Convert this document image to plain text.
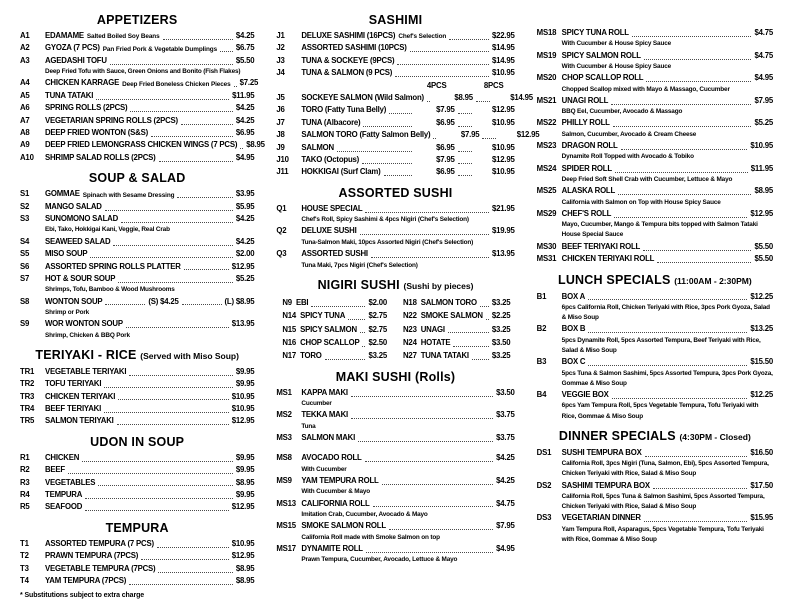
APPETIZERS
A1	EDAMAME Salted Boiled Soy Beans	$4.25
A2	GYOZA (7 PCS) Pan Fried Pork & Vegetable Dumplings $6.75
A3	AGEDASHI TOFU	$5.50
Deep Fried Tofu with Sauce, Green Onions and Bonito (Fish Flakes)
A4	CHICKEN KARRAGE Deep Fried Boneless Chicken Pieces $7.25
A5	TUNA TATAKI	$11.95
A6	SPRING ROLLS (2PCS)	$4.25
A7	VEGETARIAN SPRING ROLLS (2PCS)	$4.25
A8	DEEP FRIED WONTON (S&S)	$6.95
A9	DEEP FRIED LEMONGRASS CHICKEN WINGS (7 PCS) $8.95
A10	SHRIMP SALAD ROLLS (2PCS)	$4.95
SOUP & SALAD
S1	GOMMAE Spinach with Sesame Dressing	$3.95
S2	MANGO SALAD	$5.95
S3	SUNOMONO SALAD	$4.25
Ebi, Tako, Hokkigai Kani, Veggie, Real Crab
S4	SEAWEED SALAD	$4.25
S5	MISO SOUP	$2.00
S6	ASSORTED SPRING ROLLS PLATTER	$12.95
S7	HOT & SOUR SOUP	$5.25
Shrimps, Tofu, Bamboo & Wood Mushrooms
S8	WONTON SOUP	(S) $4.25	(L) $8.95
Shrimp or Pork
S9	WOR WONTON SOUP	$13.95
Shrimp, Chicken & BBQ Pork
TERIYAKI - RICE (Served with Miso Soup)
TR1	VEGETABLE TERIYAKI	$9.95
TR2	TOFU TERIYAKI	$9.95
TR3	CHICKEN TERIYAKI	$10.95
TR4	BEEF TERIYAKI	$10.95
TR5	SALMON TERIYAKI	$12.95
UDON IN SOUP
R1	CHICKEN	$9.95
R2	BEEF	$9.95
R3	VEGETABLES	$8.95
R4	TEMPURA	$9.95
R5	SEAFOOD	$12.95
TEMPURA
T1	ASSORTED TEMPURA (7 PCS)	$10.95
T2	PRAWN TEMPURA (7PCS)	$12.95
T3	VEGETABLE TEMPURA (7PCS)	$8.95
T4	YAM TEMPURA (7PCS)	$8.95
* Substitutions subject to extra charge
SASHIMI
J1	DELUXE SASHIMI (16PCS) Chef's Selection	$22.95
J2	ASSORTED SASHIMI (10PCS)	$14.95
J3	TUNA & SOCKEYE (9PCS)	$14.95
J4	TUNA & SALMON (9 PCS)	$10.95
4PCS	8PCS
J5	SOCKEYE SALMON (Wild Salmon)	$8.95	$14.95
J6	TORO (Fatty Tuna Belly)	$7.95	$12.95
J7	TUNA (Albacore)	$6.95	$10.95
J8	SALMON TORO (Fatty Salmon Belly)	$7.95	$12.95
J9	SALMON	$6.95	$10.95
J10	TAKO (Octopus)	$7.95	$12.95
J11	HOKKIGAI (Surf Clam)	$6.95	$10.95
ASSORTED SUSHI
Q1	HOUSE SPECIAL	$21.95
Chef's Roll, Spicy Sashimi & 4pcs Nigiri (Chef's Selection)
Q2	DELUXE SUSHI	$19.95
Tuna-Salmon Maki, 10pcs Assorted Nigiri (Chef's Selection)
Q3	ASSORTED SUSHI	$13.95
Tuna Maki, 7pcs Nigiri (Chef's Selection)
NIGIRI SUSHI (Sushi by pieces)
N9 EBI	$2.00 N18 SALMON TORO $3.25
N14 SPICY TUNA	$2.75 N22 SMOKE SALMON $2.25
N15 SPICY SALMON $2.75 N23 UNAGI	$3.25
N16 CHOP SCALLOP $2.50 N24 HOTATE	$3.50
N17 TORO	$3.25 N27 TUNA TATAKI	$3.25
MAKI SUSHI (Rolls)
MS1	KAPPA MAKI	$3.50
Cucumber
MS2	TEKKA MAKI	$3.75
Tuna
MS3	SALMON MAKI	$3.75
MS8	AVOCADO ROLL	$4.25
With Cucumber
MS9	YAM TEMPURA ROLL	$4.25
With Cucumber & Mayo
MS13 CALIFORNIA ROLL	$4.75
Imitation Crab, Cucumber, Avocado & Mayo
MS15 SMOKE SALMON ROLL	$7.95
California Roll made with Smoke Salmon on top
MS17 DYNAMITE ROLL	$4.95
Prawn Tempura, Cucumber, Avocado, Lettuce & Mayo
MS18 SPICY TUNA ROLL	$4.75
With Cucumber & House Spicy Sauce
MS19 SPICY SALMON ROLL	$4.75
With Cucumber & House Spicy Sauce
MS20 CHOP SCALLOP ROLL	$4.95
Chopped Scallop mixed with Mayo & Massago, Cucumber
MS21 UNAGI ROLL	$7.95
BBQ Eel, Cucumber, Avocado & Massago
MS22 PHILLY ROLL	$5.25
Salmon, Cucumber, Avocado & Cream Cheese
MS23 DRAGON ROLL	$10.95
Dynamite Roll Topped with Avocado & Tobiko
MS24 SPIDER ROLL	$11.95
Deep Fried Soft Shell Crab with Cucumber, Lettuce & Mayo
MS25 ALASKA ROLL	$8.95
California with Salmon on Top with House Spicy Sauce
MS29 CHEF'S ROLL	$12.95
Mayo, Cucumber, Mango & Tempura bits topped with Salmon Tataki
House Special Sauce
MS30 BEEF TERIYAKI ROLL	$5.50
MS31 CHICKEN TERIYAKI ROLL	$5.50
LUNCH SPECIALS (11:00AM - 2:30PM)
B1	BOX A	$12.25
6pcs California Roll, Chicken Teriyaki with Rice, 3pcs Pork Gyoza, Salad
& Miso Soup
B2	BOX B	$13.25
5pcs Dynamite Roll, 5pcs Assorted Tempura, Beef Teriyaki with Rice,
Salad & Miso Soup
B3	BOX C	$15.50
5pcs Tuna & Salmon Sashimi, 5pcs Assorted Tempura, 3pcs Pork Gyoza,
Gommae & Miso Soup
B4	VEGGIE BOX	$12.25
6pcs Yam Tempura Roll, 5pcs Vegetable Tempura, Tofu Teriyaki with
Rice, Gommae & Miso Soup
DINNER SPECIALS (4:30PM - Closed)
DS1	SUSHI TEMPURA BOX	$16.50
California Roll, 3pcs Nigiri (Tuna, Salmon, Ebi), 5pcs Assorted Tempura,
Chicken Teriyaki with Rice, Salad & Miso Soup
DS2	SASHIMI TEMPURA BOX	$17.50
California Roll, 5pcs Tuna & Salmon Sashimi, 5pcs Assorted Tempura,
Chicken Teriyaki with Rice, Salad & Miso Soup
DS3	VEGETARIAN DINNER	$15.95
Yam Tempura Roll, Asparagus, 5pcs Vegetable Tempura, Tofu Teriyaki
with Rice, Gommae & Miso Soup
